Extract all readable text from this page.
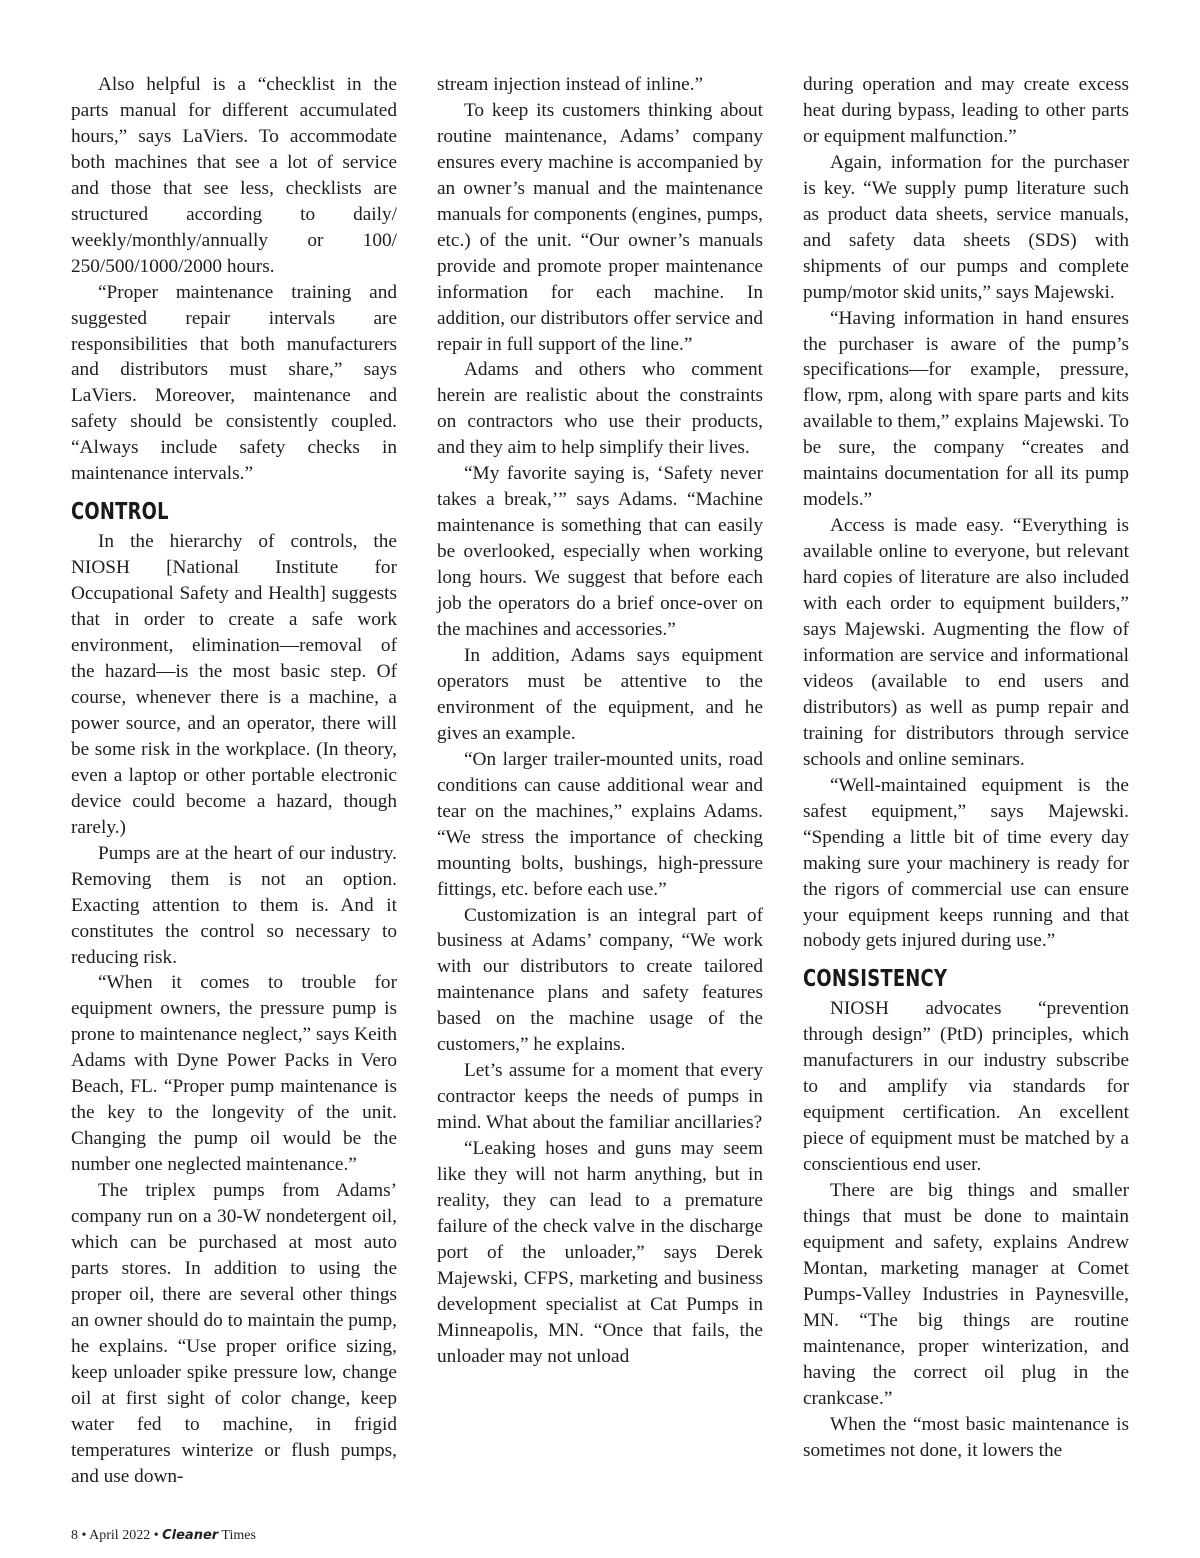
Also helpful is a “checklist in the parts manual for different accumulated hours,” says LaViers. To accommodate both machines that see a lot of service and those that see less, checklists are structured according to daily/ weekly/monthly/annually or 100/ 250/500/1000/2000 hours.

“Proper maintenance training and suggested repair intervals are responsibilities that both manufacturers and distributors must share,” says LaViers. Moreover, maintenance and safety should be consistently coupled. “Always include safety checks in maintenance intervals.”

CONTROL

In the hierarchy of controls, the NIOSH [National Institute for Occupational Safety and Health] suggests that in order to create a safe work environment, elimination—removal of the hazard—is the most basic step. Of course, whenever there is a machine, a power source, and an operator, there will be some risk in the workplace. (In theory, even a laptop or other portable electronic device could become a hazard, though rarely.)

Pumps are at the heart of our industry. Removing them is not an option. Exacting attention to them is. And it constitutes the control so necessary to reducing risk.

“When it comes to trouble for equipment owners, the pressure pump is prone to maintenance neglect,” says Keith Adams with Dyne Power Packs in Vero Beach, FL. “Proper pump maintenance is the key to the longevity of the unit. Changing the pump oil would be the number one neglected maintenance.”

The triplex pumps from Adams’ company run on a 30-W nondetergent oil, which can be purchased at most auto parts stores. In addition to using the proper oil, there are several other things an owner should do to maintain the pump, he explains. “Use proper orifice sizing, keep unloader spike pressure low, change oil at first sight of color change, keep water fed to machine, in frigid temperatures winterize or flush pumps, and use down-

stream injection instead of inline.”

To keep its customers thinking about routine maintenance, Adams’ company ensures every machine is accompanied by an owner’s manual and the maintenance manuals for components (engines, pumps, etc.) of the unit. “Our owner’s manuals provide and promote proper maintenance information for each machine. In addition, our distributors offer service and repair in full support of the line.”

Adams and others who comment herein are realistic about the constraints on contractors who use their products, and they aim to help simplify their lives.

“My favorite saying is, ‘Safety never takes a break,’” says Adams. “Machine maintenance is something that can easily be overlooked, especially when working long hours. We suggest that before each job the operators do a brief once-over on the machines and accessories.”

In addition, Adams says equipment operators must be attentive to the environment of the equipment, and he gives an example.

“On larger trailer-mounted units, road conditions can cause additional wear and tear on the machines,” explains Adams. “We stress the importance of checking mounting bolts, bushings, high-pressure fittings, etc. before each use.”

Customization is an integral part of business at Adams’ company, “We work with our distributors to create tailored maintenance plans and safety features based on the machine usage of the customers,” he explains.

Let’s assume for a moment that every contractor keeps the needs of pumps in mind. What about the familiar ancillaries?

“Leaking hoses and guns may seem like they will not harm anything, but in reality, they can lead to a premature failure of the check valve in the discharge port of the unloader,” says Derek Majewski, CFPS, marketing and business development specialist at Cat Pumps in Minneapolis, MN. “Once that fails, the unloader may not unload

during operation and may create excess heat during bypass, leading to other parts or equipment malfunction.”

Again, information for the purchaser is key. “We supply pump literature such as product data sheets, service manuals, and safety data sheets (SDS) with shipments of our pumps and complete pump/motor skid units,” says Majewski.

“Having information in hand ensures the purchaser is aware of the pump’s specifications—for example, pressure, flow, rpm, along with spare parts and kits available to them,” explains Majewski. To be sure, the company “creates and maintains documentation for all its pump models.”

Access is made easy. “Everything is available online to everyone, but relevant hard copies of literature are also included with each order to equipment builders,” says Majewski. Augmenting the flow of information are service and informational videos (available to end users and distributors) as well as pump repair and training for distributors through service schools and online seminars.

“Well-maintained equipment is the safest equipment,” says Majewski. “Spending a little bit of time every day making sure your machinery is ready for the rigors of commercial use can ensure your equipment keeps running and that nobody gets injured during use.”

CONSISTENCY

NIOSH advocates “prevention through design” (PtD) principles, which manufacturers in our industry subscribe to and amplify via standards for equipment certification. An excellent piece of equipment must be matched by a conscientious end user.

There are big things and smaller things that must be done to maintain equipment and safety, explains Andrew Montan, marketing manager at Comet Pumps-Valley Industries in Paynesville, MN. “The big things are routine maintenance, proper winterization, and having the correct oil plug in the crankcase.”

When the “most basic maintenance is sometimes not done, it lowers the

8 • April 2022 • Cleaner Times
